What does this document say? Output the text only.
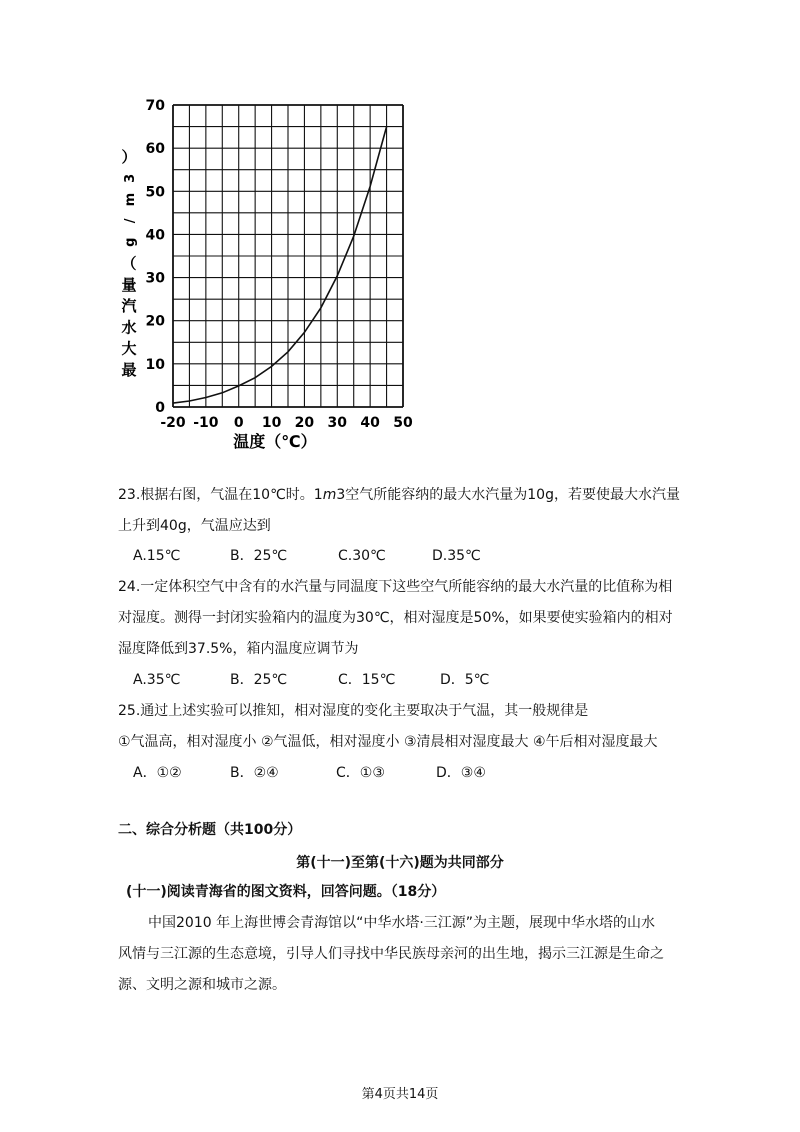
-20 -10 0 10 20 30 40 50
0
10
20
30
40
50
60
70
温度（℃）
最
大
水
汽
量
（
g
/
m
3
）
23.根据右图，气温在10℃时。1m3空气所能容纳的最大水汽量为10g，若要使最大水汽量
上升到40g，气温应达到
A.15℃	B．25℃	C.30℃	D.35℃
24.一定体积空气中含有的水汽量与同温度下这些空气所能容纳的最大水汽量的比值称为相
对湿度。测得一封闭实验箱内的温度为30℃，相对湿度是50%，如果要使实验箱内的相对
湿度降低到37.5%，箱内温度应调节为
A.35℃	B．25℃	C．15℃	D．5℃
25.通过上述实验可以推知，相对湿度的变化主要取决于气温，其一般规律是
①气温高，相对湿度小 ②气温低，相对湿度小 ③清晨相对湿度最大 ④午后相对湿度最大
A．①②	B．②④	C．①③	D．③④
二、综合分析题（共100分）
第(十一)至第(十六)题为共同部分
(十一)阅读青海省的图文资料，回答问题。（18分）
中国2010 年上海世博会青海馆以“中华水塔·三江源”为主题，展现中华水塔的山水
风情与三江源的生态意境，引导人们寻找中华民族母亲河的出生地，揭示三江源是生命之
源、文明之源和城市之源。
第4页共14页
